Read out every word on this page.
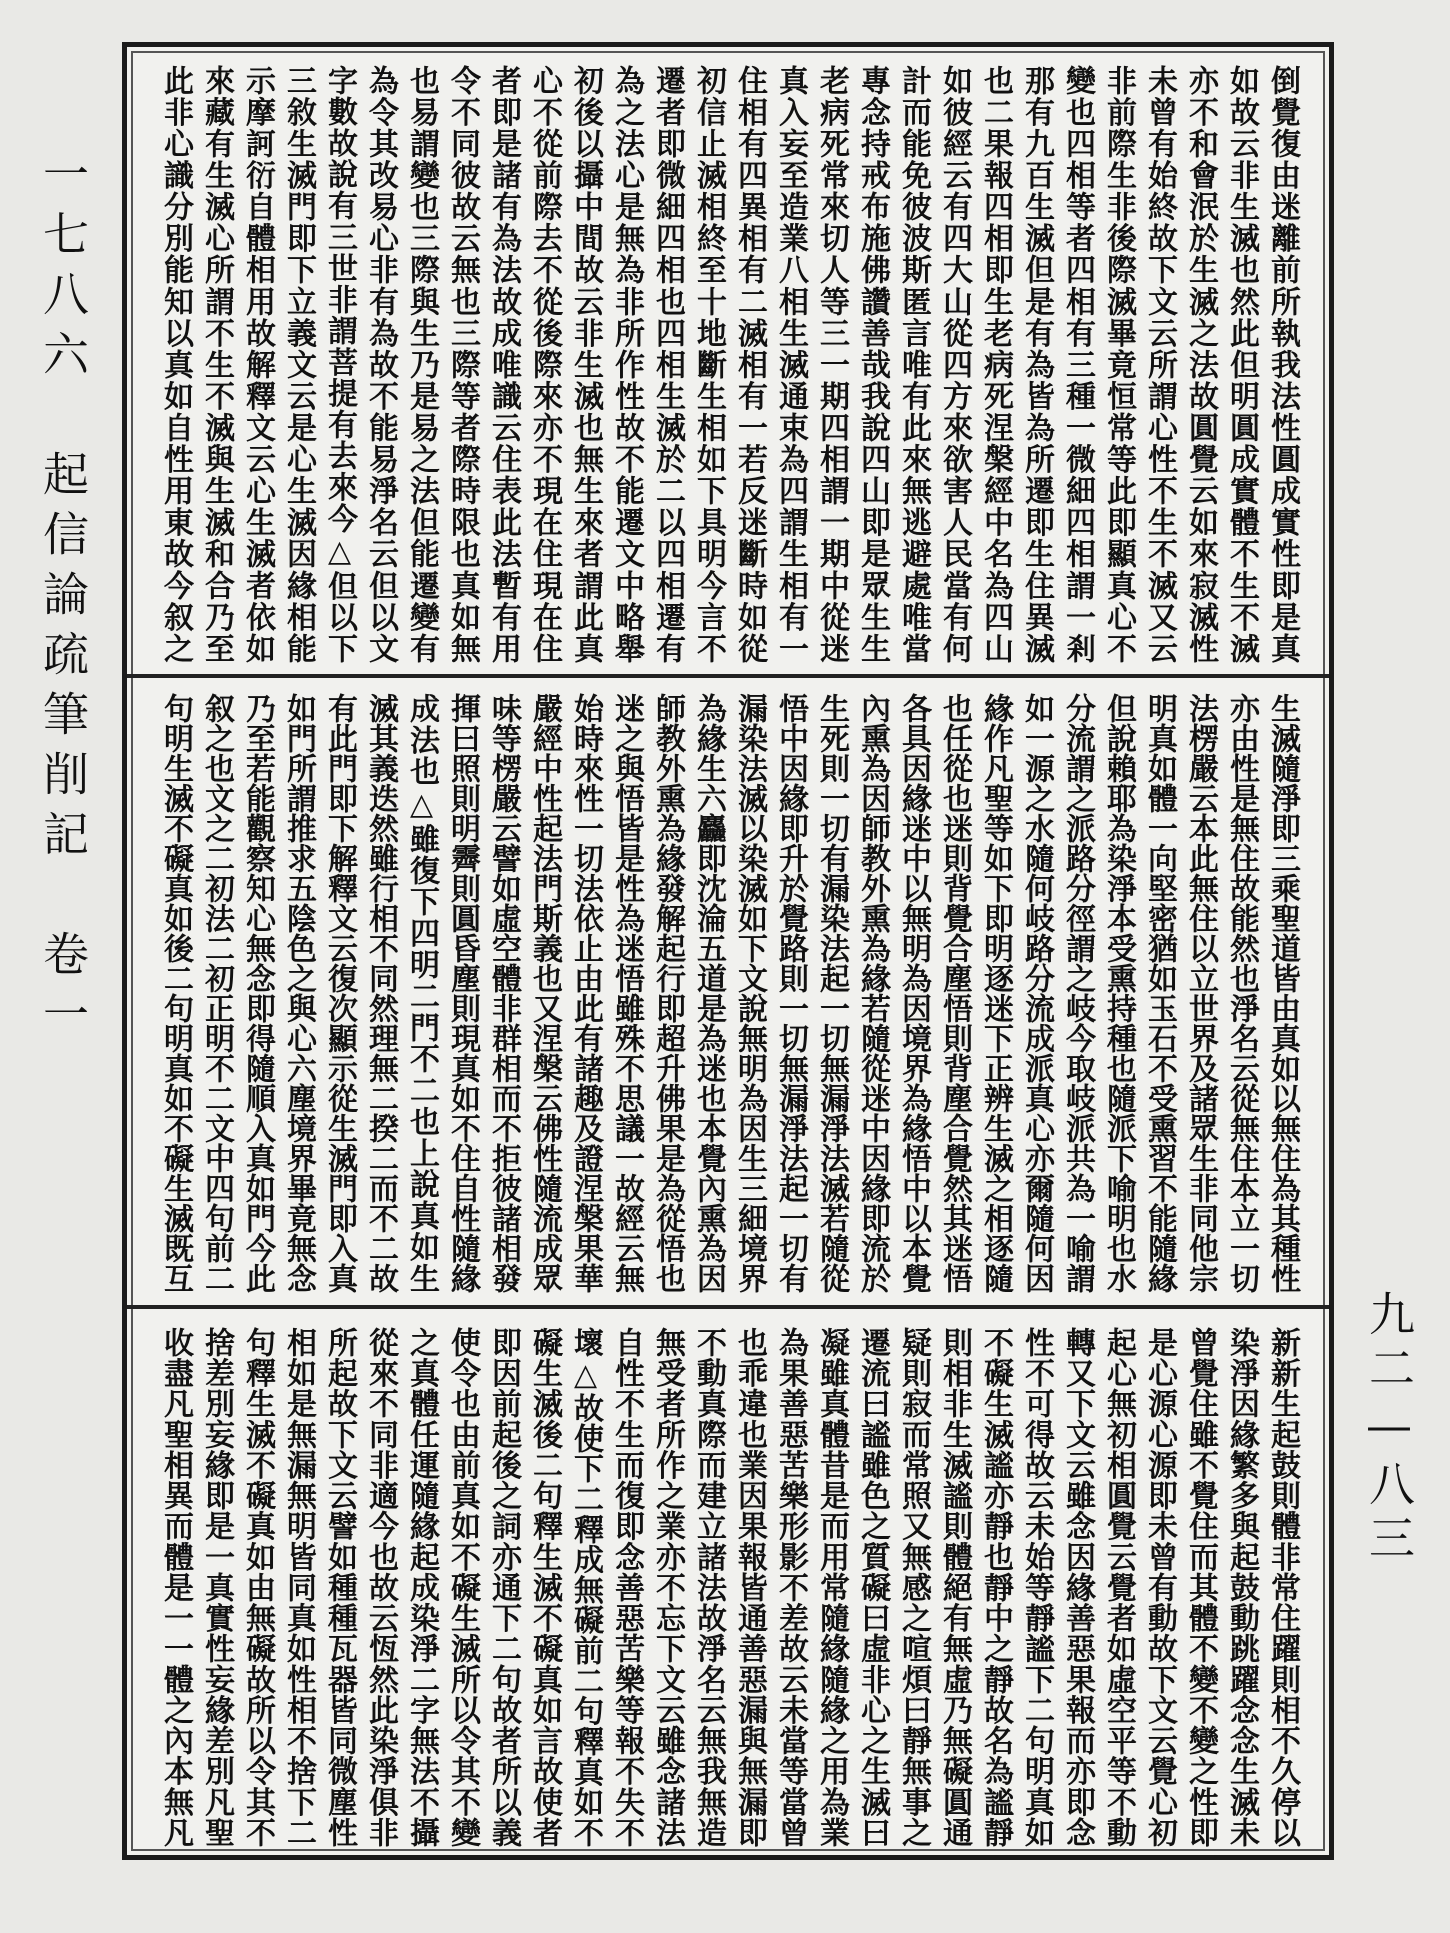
一七八六　起信論疏筆削記　卷一
倒覺復由迷離前所執我法性圓成實性即是真如故云非生滅也然此但明圓成實體不生不滅亦不和會泯於生滅之法故圓覺云如來寂滅性未曾有始終故下文云所謂心性不生不滅又云非前際生非後際滅畢竟恒常等此即顯真心不變也四相等者四相有三種一微細四相謂一剎那有九百生滅但是有為皆為所遷即生住異滅也二果報四相即生老病死涅槃經中名為四山如彼經云有四大山從四方來欲害人民當有何計而能免彼波斯匿言唯有此來無逃避處唯當專念持戒布施佛讚善哉我說四山即是眾生生老病死常來切人等三一期四相謂一期中從迷真入妄至造業八相生滅通束為四謂生相有一住相有四異相有二滅相有一若反迷斷時如從初信止滅相終至十地斷生相如下具明今言不遷者即微細四相也四相生滅於二以四相遷有為之法心是無為非所作性故不能遷文中略舉初後以攝中間故云非生滅也無生來者謂此真心不從前際去不從後際來亦不現在住現在住者即是諸有為法故成唯識云住表此法暫有用令不同彼故云無也三際等者際時限也真如無也易謂變也三際與生乃是易之法但能遷變有為令其改易心非有為故不能易淨名云但以文字數故說有三世非謂菩提有去來今△但以下三敘生滅門即下立義文云是心生滅因緣相能示摩訶衍自體相用故解釋文云心生滅者依如來藏有生滅心所謂不生不滅與生滅和合乃至此非心識分別能知以真如自性用東故今叙之
生滅隨淨即三乘聖道皆由真如以無住為其種性亦由性是無住故能然也淨名云從無住本立一切法楞嚴云本此無住以立世界及諸眾生非同他宗明真如體一向堅密猶如玉石不受熏習不能隨緣但說賴耶為染淨本受熏持種也隨派下喻明也水分流謂之派路分徑謂之岐今取岐派共為一喻謂如一源之水隨何岐路分流成派真心亦爾隨何因緣作凡聖等如下即明逐迷下正辨生滅之相逐隨也任從也迷則背覺合塵悟則背塵合覺然其迷悟各具因緣迷中以無明為因境界為緣悟中以本覺內熏為因師教外熏為緣若隨從迷中因緣即流於生死則一切有漏染法起一切無漏淨法滅若隨從悟中因緣即升於覺路則一切無漏淨法起一切有漏染法滅以染滅如下文說無明為因生三細境界為緣生六麤即沈淪五道是為迷也本覺內熏為因師教外熏為緣發解起行即超升佛果是為從悟也迷之與悟皆是性為迷悟雖殊不思議一故經云無始時來性一切法依止由此有諸趣及證涅槃果華嚴經中性起法門斯義也又涅槃云佛性隨流成眾味等楞嚴云譬如虛空體非群相而不拒彼諸相發揮曰照則明霽則圓昏塵則現真如不住自性隨緣成法也△雖復下四明二門不二也上說真如生滅其義迭然雖行相不同然理無二揆二而不二故有此門即下解釋文云復次顯示從生滅門即入真如門所謂推求五陰色之與心六塵境界畢竟無念乃至若能觀察知心無念即得隨順入真如門今此叙之也文之二初法二初正明不二文中四句前二句明生滅不礙真如後二句明真如不礙生滅既互
新新生起鼓則體非常住躍則相不久停以染淨因緣繁多與起鼓動跳躍念念生滅未曾覺住雖不覺住而其體不變不變之性即是心源心源即未曾有動故下文云覺心初起心無初相圓覺云覺者如虛空平等不動轉又下文云雖念因緣善惡果報而亦即念性不可得故云未始等靜謐下二句明真如不礙生滅謐亦靜也靜中之靜故名為謐靜則相非生滅謐則體絕有無虛乃無礙圓通疑則寂而常照又無感之喧煩曰靜無事之遷流曰謐雖色之質礙曰虛非心之生滅曰凝雖真體昔是而用常隨緣隨緣之用為業為果善惡苦樂形影不差故云未當等當曾也乖違也業因果報皆通善惡漏與無漏即不動真際而建立諸法故淨名云無我無造無受者所作之業亦不忘下文云雖念諸法自性不生而復即念善惡苦樂等報不失不壞△故使下二釋成無礙前二句釋真如不礙生滅後二句釋生滅不礙真如言故使者即因前起後之詞亦通下二句故者所以義使令也由前真如不礙生滅所以令其不變之真體任運隨緣起成染淨二字無法不攝從來不同非適今也故云恆然此染淨俱非所起故下文云譬如種種瓦器皆同微塵性相如是無漏無明皆同真如性相不捨下二句釋生滅不礙真如由無礙故所以令其不捨差別妄緣即是一真實性妄緣差別凡聖收盡凡聖相異而體是一一體之內本無凡
九二—八三
